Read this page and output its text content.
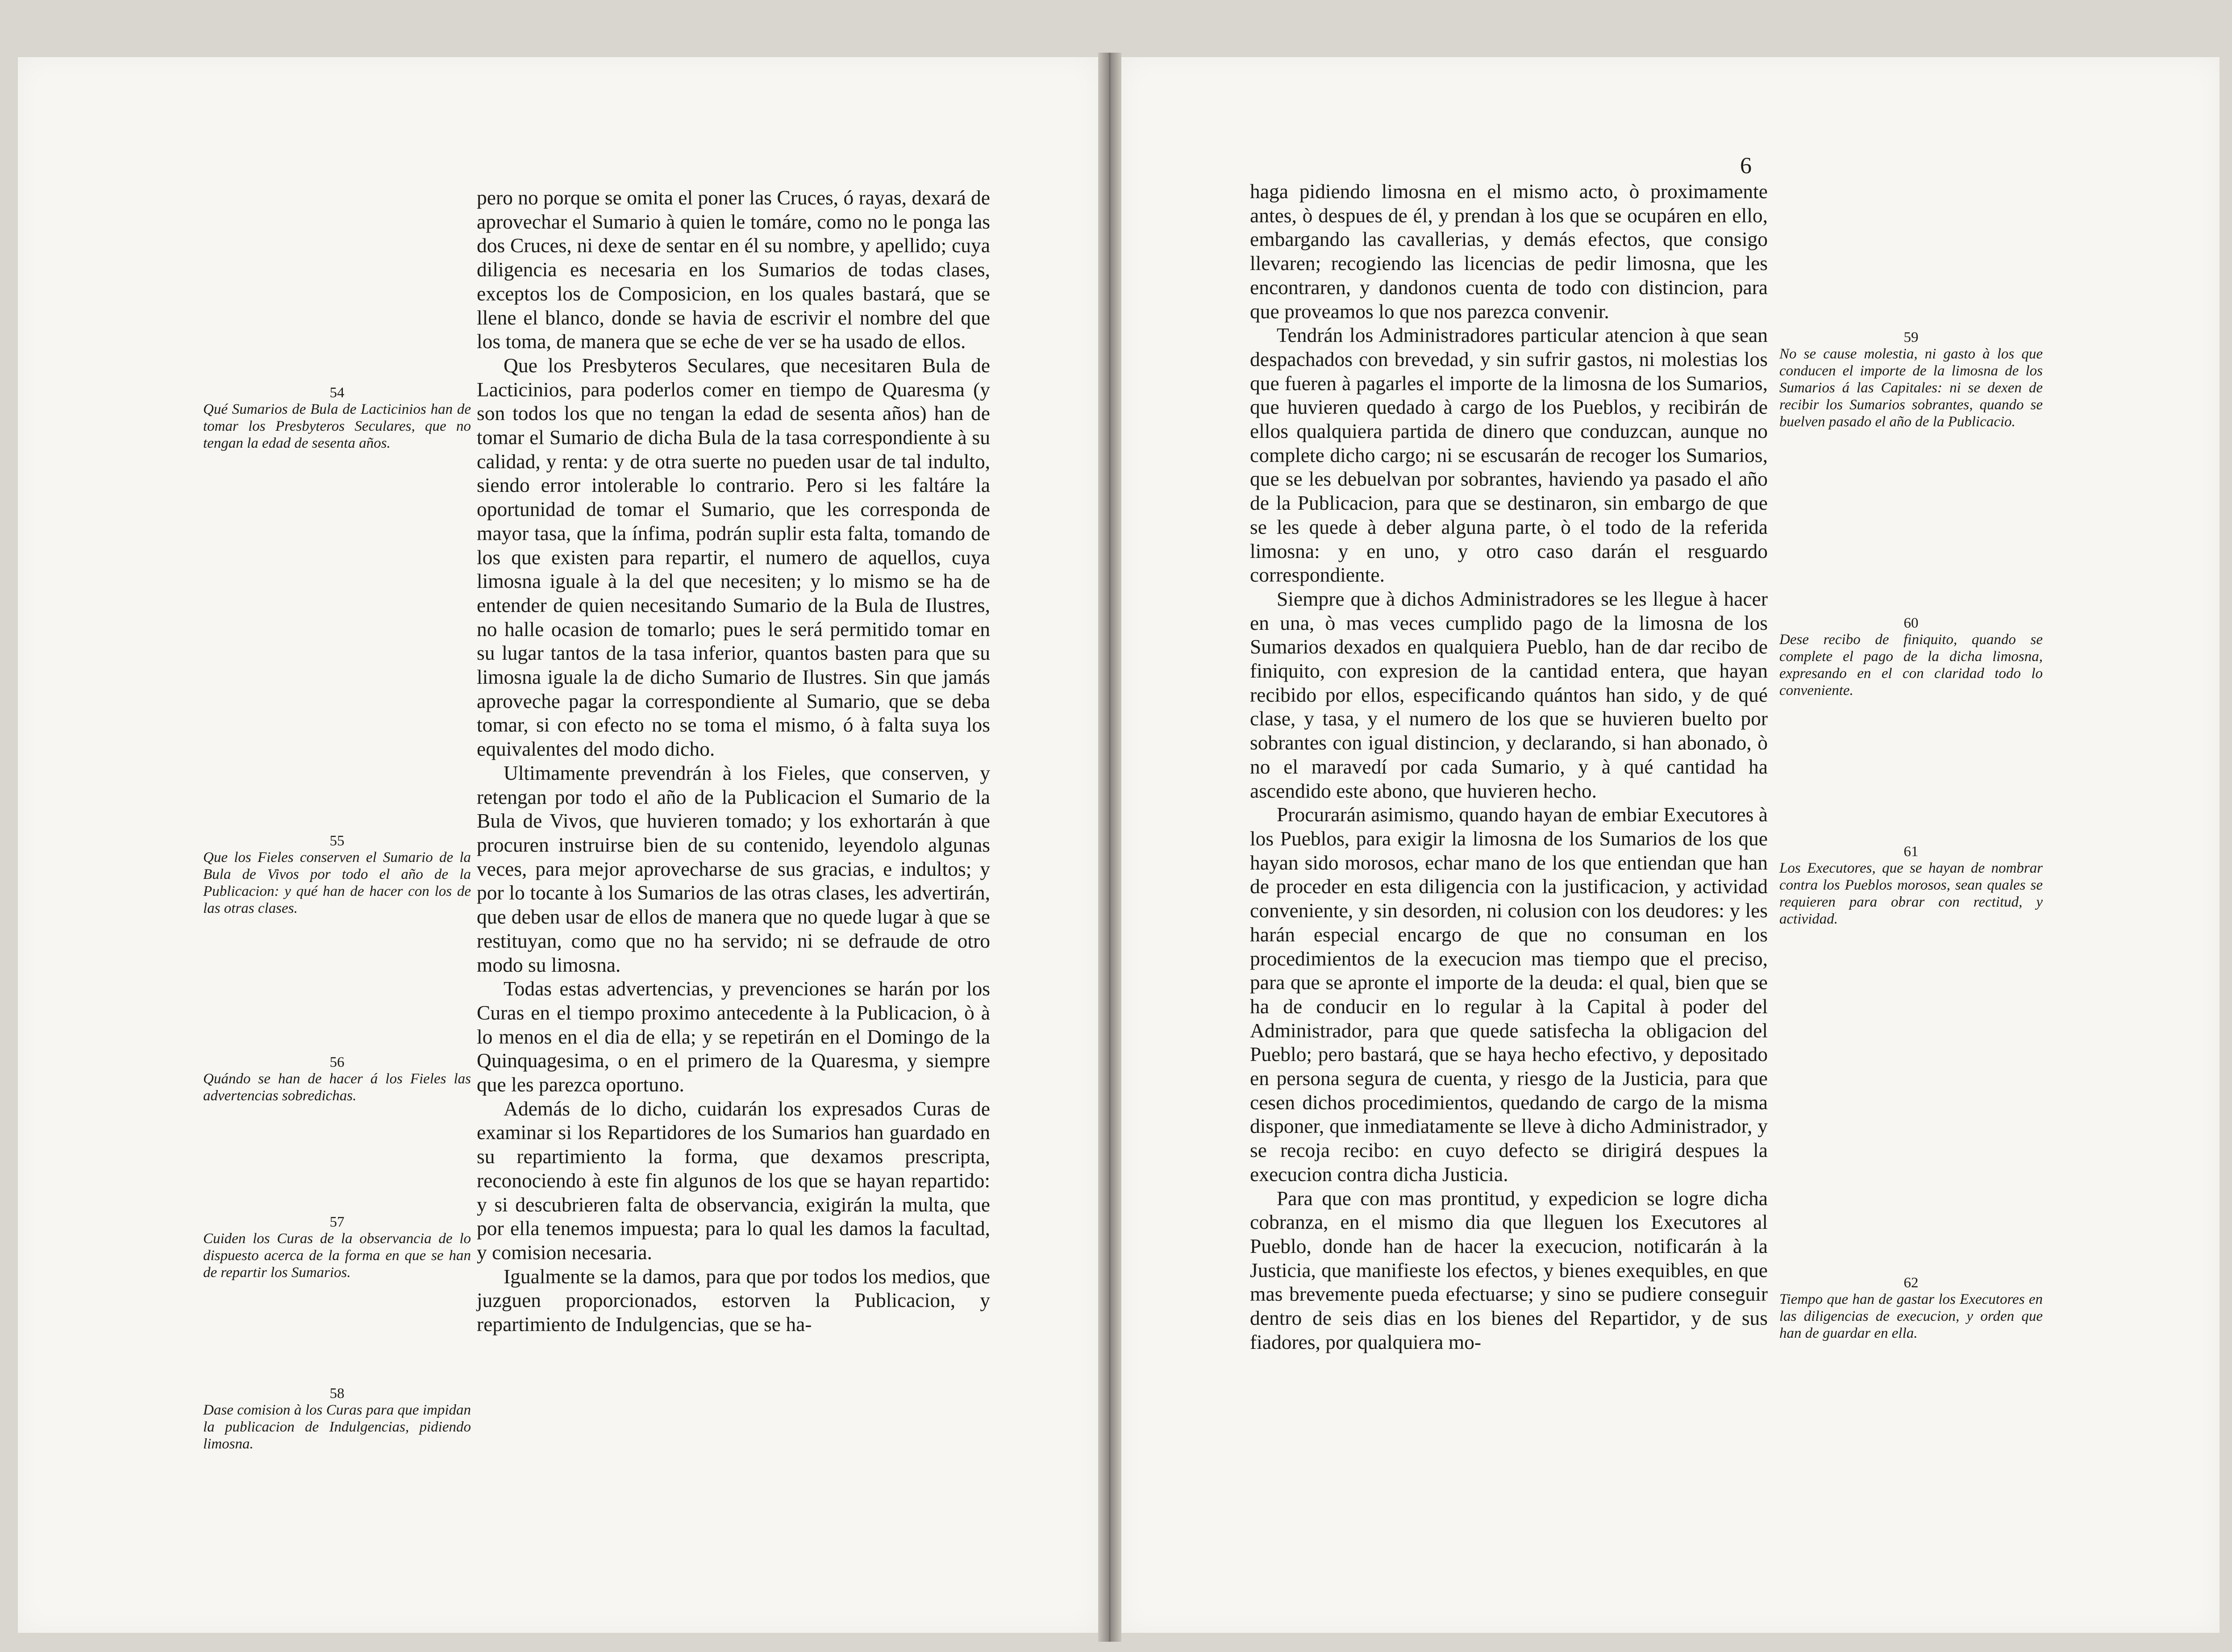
54
Qué Sumarios de Bula de Lacticinios han de tomar los Presbyteros Seculares, que no tengan la edad de sesenta años.
55
Que los Fieles conserven el Sumario de la Bula de Vivos por todo el año de la Publicacion: y qué han de hacer con los de las otras clases.
56
Quándo se han de hacer á los Fieles las advertencias sobredichas.
57
Cuiden los Curas de la observancia de lo dispuesto acerca de la forma en que se han de repartir los Sumarios.
58
Dase comision à los Curas para que impidan la publicacion de Indulgencias, pidiendo limosna.

pero no porque se omita el poner las Cruces, ó rayas, dexará de aprovechar el Sumario à quien le tomáre, como no le ponga las dos Cruces, ni dexe de sentar en él su nombre, y apellido; cuya diligencia es necesaria en los Sumarios de todas clases, exceptos los de Composicion, en los quales bastará, que se llene el blanco, donde se havia de escrivir el nombre del que los toma, de manera que se eche de ver se ha usado de ellos.

Que los Presbyteros Seculares, que necesitaren Bula de Lacticinios, para poderlos comer en tiempo de Quaresma (y son todos los que no tengan la edad de sesenta años) han de tomar el Sumario de dicha Bula de la tasa correspondiente à su calidad, y renta: y de otra suerte no pueden usar de tal indulto, siendo error intolerable lo contrario. Pero si les faltáre la oportunidad de tomar el Sumario, que les corresponda de mayor tasa, que la ínfima, podrán suplir esta falta, tomando de los que existen para repartir, el numero de aquellos, cuya limosna iguale à la del que necesiten; y lo mismo se ha de entender de quien necesitando Sumario de la Bula de Ilustres, no halle ocasion de tomarlo; pues le será permitido tomar en su lugar tantos de la tasa inferior, quantos basten para que su limosna iguale la de dicho Sumario de Ilustres. Sin que jamás aproveche pagar la correspondiente al Sumario, que se deba tomar, si con efecto no se toma el mismo, ó à falta suya los equivalentes del modo dicho.

Ultimamente prevendrán à los Fieles, que conserven, y retengan por todo el año de la Publicacion el Sumario de la Bula de Vivos, que huvieren tomado; y los exhortarán à que procuren instruirse bien de su contenido, leyendolo algunas veces, para mejor aprovecharse de sus gracias, e indultos; y por lo tocante à los Sumarios de las otras clases, les advertirán, que deben usar de ellos de manera que no quede lugar à que se restituyan, como que no ha servido; ni se defraude de otro modo su limosna.

Todas estas advertencias, y prevenciones se harán por los Curas en el tiempo proximo antecedente à la Publicacion, ò à lo menos en el dia de ella; y se repetirán en el Domingo de la Quinquagesima, o en el primero de la Quaresma, y siempre que les parezca oportuno.

Además de lo dicho, cuidarán los expresados Curas de examinar si los Repartidores de los Sumarios han guardado en su repartimiento la forma, que dexamos prescripta, reconociendo à este fin algunos de los que se hayan repartido: y si descubrieren falta de observancia, exigirán la multa, que por ella tenemos impuesta; para lo qual les damos la facultad, y comision necesaria.

Igualmente se la damos, para que por todos los medios, que juzguen proporcionados, estorven la Publicacion, y repartimiento de Indulgencias, que se ha-

6

haga pidiendo limosna en el mismo acto, ò proximamente antes, ò despues de él, y prendan à los que se ocupáren en ello, embargando las cavallerias, y demás efectos, que consigo llevaren; recogiendo las licencias de pedir limosna, que les encontraren, y dandonos cuenta de todo con distincion, para que proveamos lo que nos parezca convenir.

Tendrán los Administradores particular atencion à que sean despachados con brevedad, y sin sufrir gastos, ni molestias los que fueren à pagarles el importe de la limosna de los Sumarios, que huvieren quedado à cargo de los Pueblos, y recibirán de ellos qualquiera partida de dinero que conduzcan, aunque no complete dicho cargo; ni se escusarán de recoger los Sumarios, que se les debuelvan por sobrantes, haviendo ya pasado el año de la Publicacion, para que se destinaron, sin embargo de que se les quede à deber alguna parte, ò el todo de la referida limosna: y en uno, y otro caso darán el resguardo correspondiente.

Siempre que à dichos Administradores se les llegue à hacer en una, ò mas veces cumplido pago de la limosna de los Sumarios dexados en qualquiera Pueblo, han de dar recibo de finiquito, con expresion de la cantidad entera, que hayan recibido por ellos, especificando quántos han sido, y de qué clase, y tasa, y el numero de los que se huvieren buelto por sobrantes con igual distincion, y declarando, si han abonado, ò no el maravedí por cada Sumario, y à qué cantidad ha ascendido este abono, que huvieren hecho.

Procurarán asimismo, quando hayan de embiar Executores à los Pueblos, para exigir la limosna de los Sumarios de los que hayan sido morosos, echar mano de los que entiendan que han de proceder en esta diligencia con la justificacion, y actividad conveniente, y sin desorden, ni colusion con los deudores: y les harán especial encargo de que no consuman en los procedimientos de la execucion mas tiempo que el preciso, para que se apronte el importe de la deuda: el qual, bien que se ha de conducir en lo regular à la Capital à poder del Administrador, para que quede satisfecha la obligacion del Pueblo; pero bastará, que se haya hecho efectivo, y depositado en persona segura de cuenta, y riesgo de la Justicia, para que cesen dichos procedimientos, quedando de cargo de la misma disponer, que inmediatamente se lleve à dicho Administrador, y se recoja recibo: en cuyo defecto se dirigirá despues la execucion contra dicha Justicia.

Para que con mas prontitud, y expedicion se logre dicha cobranza, en el mismo dia que lleguen los Executores al Pueblo, donde han de hacer la execucion, notificarán à la Justicia, que manifieste los efectos, y bienes exequibles, en que mas brevemente pueda efectuarse; y sino se pudiere conseguir dentro de seis dias en los bienes del Repartidor, y de sus fiadores, por qualquiera mo-

59
No se cause molestia, ni gasto à los que conducen el importe de la limosna de los Sumarios á las Capitales: ni se dexen de recibir los Sumarios sobrantes, quando se buelven pasado el año de la Publicacio.
60
Dese recibo de finiquito, quando se complete el pago de la dicha limosna, expresando en el con claridad todo lo conveniente.
61
Los Executores, que se hayan de nombrar contra los Pueblos morosos, sean quales se requieren para obrar con rectitud, y actividad.
62
Tiempo que han de gastar los Executores en las diligencias de execucion, y orden que han de guardar en ella.
